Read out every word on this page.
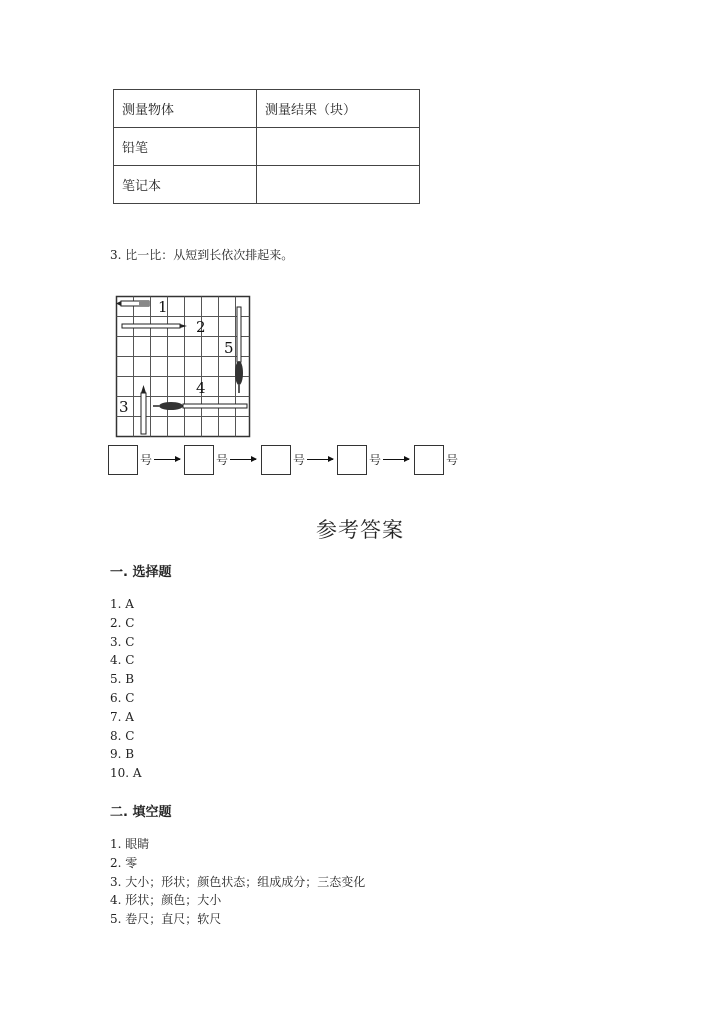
测量物体	测量结果（块）
铅笔	
笔记本	
3. 比一比：从短到长依次排起来。
1
2
3
4
5
号	号	号	号	号
参考答案
一. 选择题
1. A
2. C
3. C
4. C
5. B
6. C
7. A
8. C
9. B
10. A
二. 填空题
1. 眼睛
2. 零
3. 大小；形状；颜色状态；组成成分；三态变化
4. 形状；颜色；大小
5. 卷尺；直尺；软尺
